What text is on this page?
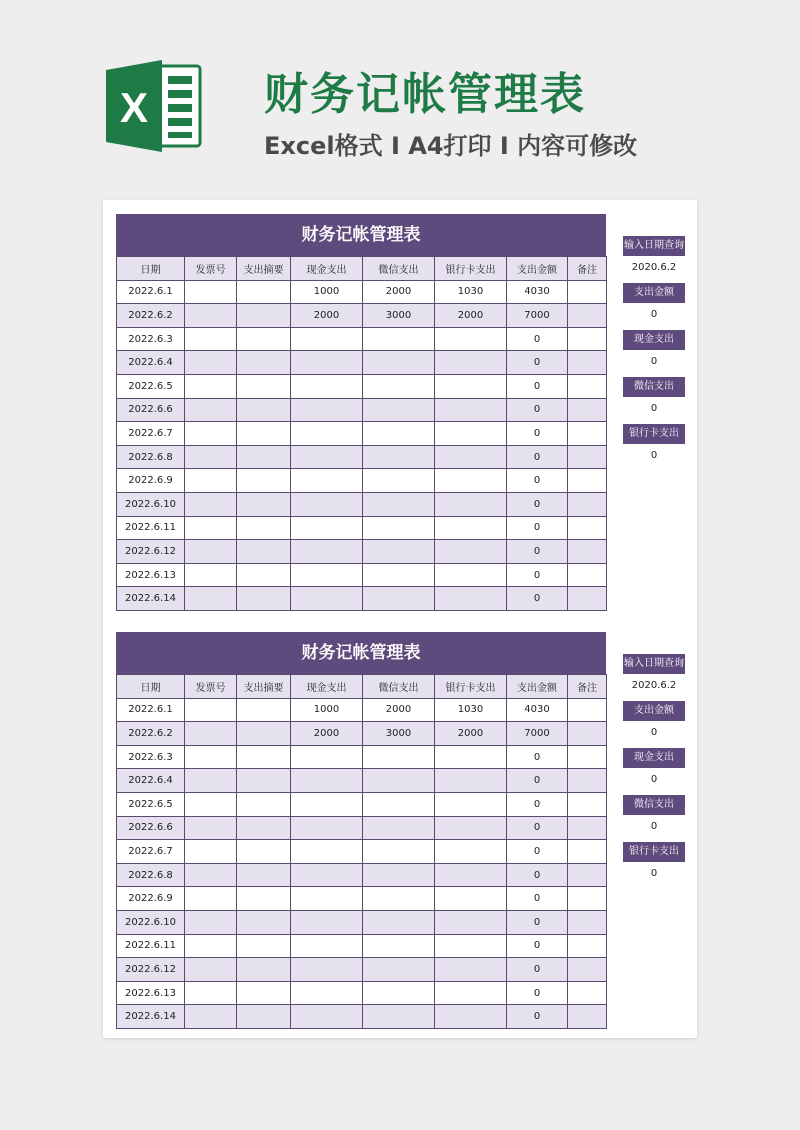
X	财务记帐管理表
Excel格式 I A4打印 I 内容可修改
财务记帐管理表
日期	发票号	支出摘要	现金支出	微信支出	银行卡支出	支出金额	备注
2022.6.1			1000	2000	1030	4030	
2022.6.2			2000	3000	2000	7000	
2022.6.3						0	
2022.6.4						0	
2022.6.5						0	
2022.6.6						0	
2022.6.7						0	
2022.6.8						0	
2022.6.9						0	
2022.6.10						0	
2022.6.11						0	
2022.6.12						0	
2022.6.13						0	
2022.6.14						0	
输入日期查询
2020.6.2
支出金额
0
现金支出
0
微信支出
0
银行卡支出
0
财务记帐管理表
日期	发票号	支出摘要	现金支出	微信支出	银行卡支出	支出金额	备注
2022.6.1			1000	2000	1030	4030	
2022.6.2			2000	3000	2000	7000	
2022.6.3						0	
2022.6.4						0	
2022.6.5						0	
2022.6.6						0	
2022.6.7						0	
2022.6.8						0	
2022.6.9						0	
2022.6.10						0	
2022.6.11						0	
2022.6.12						0	
2022.6.13						0	
2022.6.14						0	
输入日期查询
2020.6.2
支出金额
0
现金支出
0
微信支出
0
银行卡支出
0
